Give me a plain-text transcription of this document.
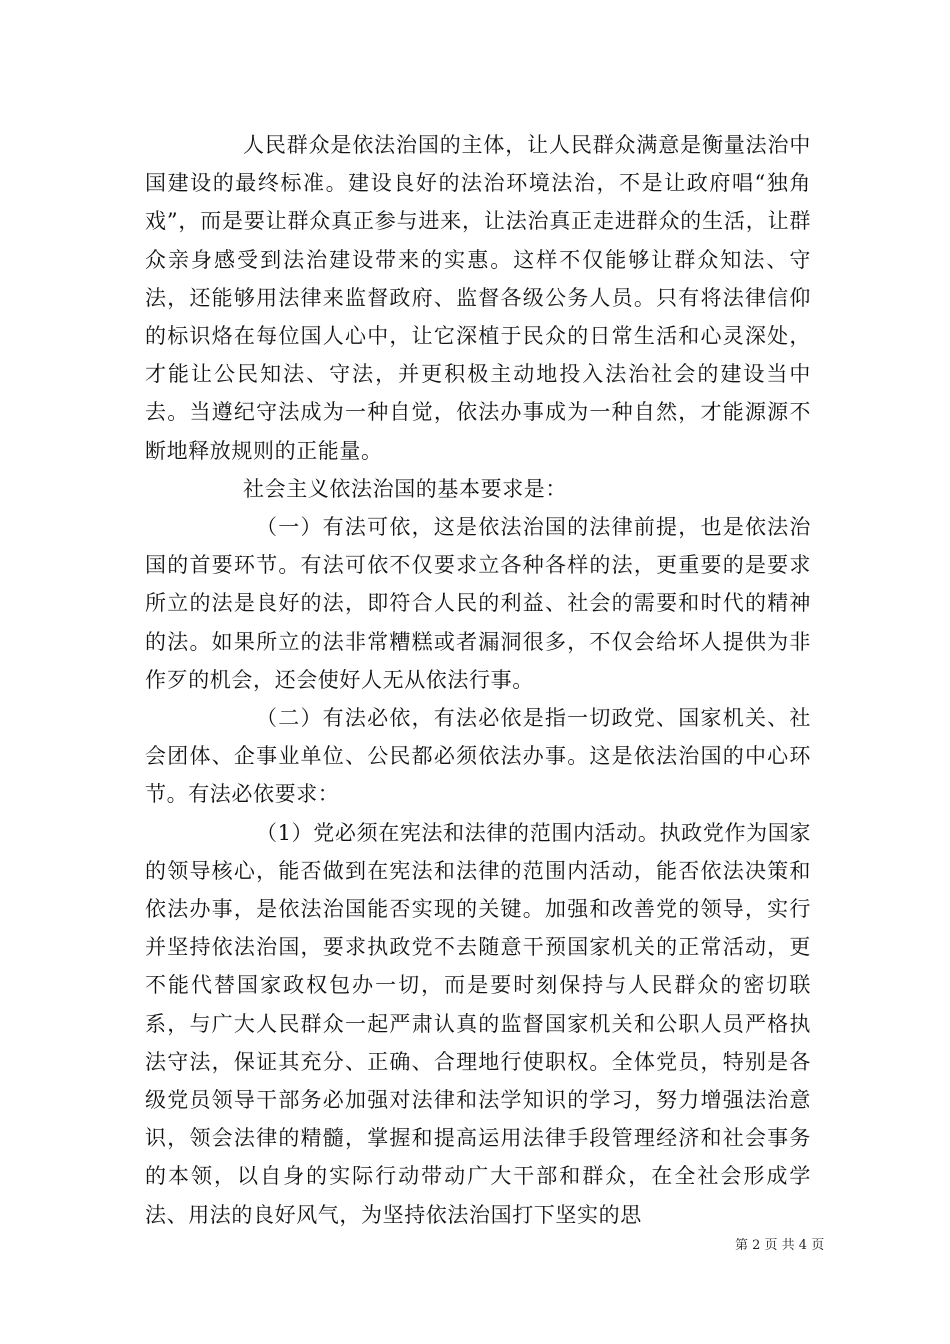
人民群众是依法治国的主体，让人民群众满意是衡量法治中国建设的最终标准。建设良好的法治环境法治，不是让政府唱“独角戏”，而是要让群众真正参与进来，让法治真正走进群众的生活，让群众亲身感受到法治建设带来的实惠。这样不仅能够让群众知法、守法，还能够用法律来监督政府、监督各级公务人员。只有将法律信仰的标识烙在每位国人心中，让它深植于民众的日常生活和心灵深处，才能让公民知法、守法，并更积极主动地投入法治社会的建设当中去。当遵纪守法成为一种自觉，依法办事成为一种自然，才能源源不断地释放规则的正能量。

社会主义依法治国的基本要求是：

（一）有法可依，这是依法治国的法律前提，也是依法治国的首要环节。有法可依不仅要求立各种各样的法，更重要的是要求所立的法是良好的法，即符合人民的利益、社会的需要和时代的精神的法。如果所立的法非常糟糕或者漏洞很多，不仅会给坏人提供为非作歹的机会，还会使好人无从依法行事。

（二）有法必依，有法必依是指一切政党、国家机关、社会团体、企事业单位、公民都必须依法办事。这是依法治国的中心环节。有法必依要求：

（1）党必须在宪法和法律的范围内活动。执政党作为国家的领导核心，能否做到在宪法和法律的范围内活动，能否依法决策和依法办事，是依法治国能否实现的关键。加强和改善党的领导，实行并坚持依法治国，要求执政党不去随意干预国家机关的正常活动，更不能代替国家政权包办一切，而是要时刻保持与人民群众的密切联系，与广大人民群众一起严肃认真的监督国家机关和公职人员严格执法守法，保证其充分、正确、合理地行使职权。全体党员，特别是各级党员领导干部务必加强对法律和法学知识的学习，努力增强法治意识，领会法律的精髓，掌握和提高运用法律手段管理经济和社会事务的本领，以自身的实际行动带动广大干部和群众，在全社会形成学法、用法的良好风气，为坚持依法治国打下坚实的思

第 2 页 共 4 页
